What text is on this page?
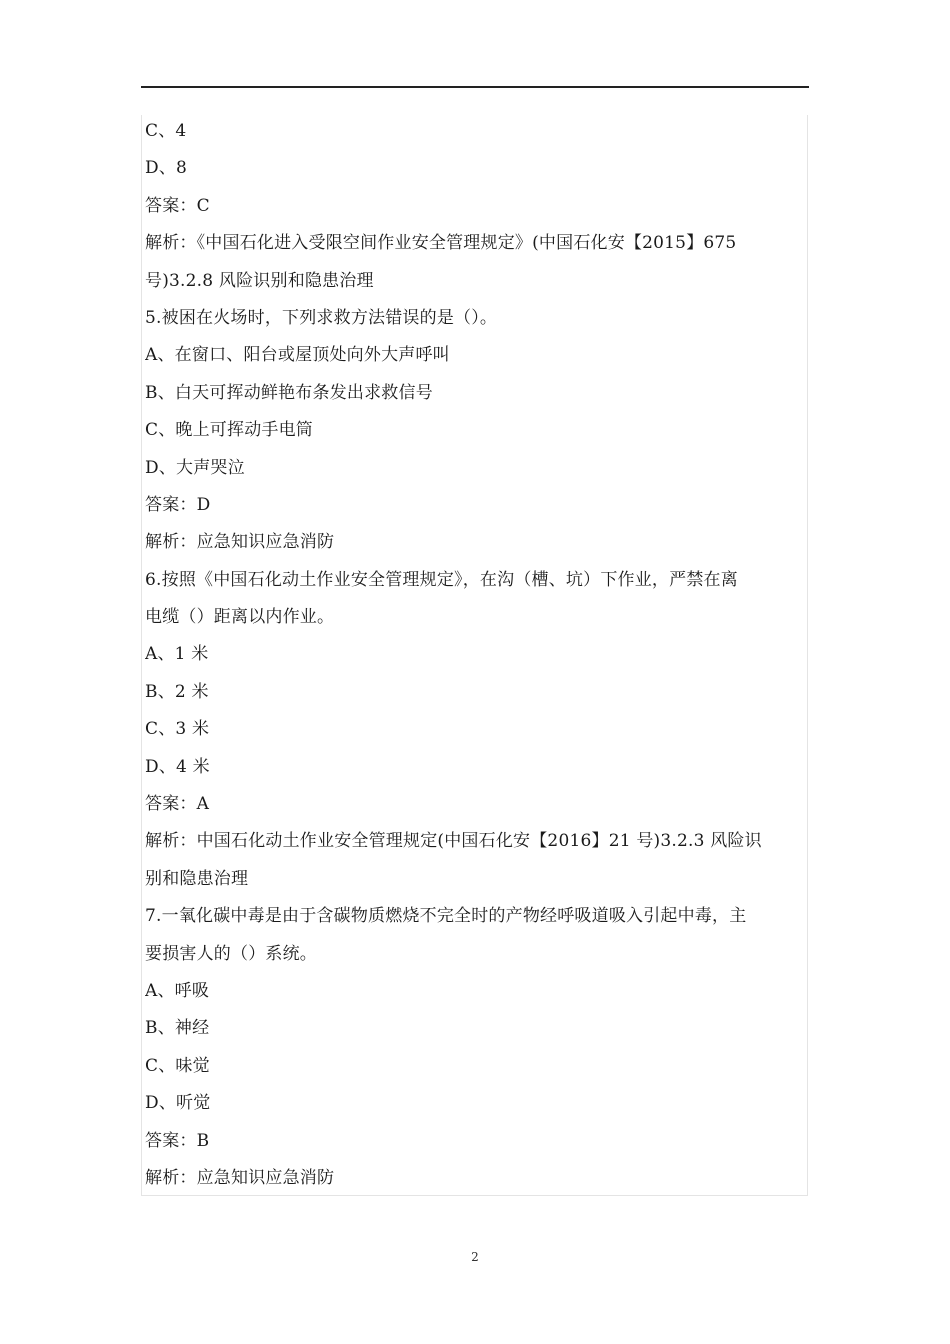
C、4
D、8
答案：C
解析：《中国石化进入受限空间作业安全管理规定》(中国石化安【2015】675
号)3.2.8 风险识别和隐患治理
5.被困在火场时，下列求救方法错误的是（）。
A、在窗口、阳台或屋顶处向外大声呼叫
B、白天可挥动鲜艳布条发出求救信号
C、晚上可挥动手电筒
D、大声哭泣
答案：D
解析：应急知识应急消防
6.按照《中国石化动土作业安全管理规定》，在沟（槽、坑）下作业，严禁在离
电缆（）距离以内作业。
A、1 米
B、2 米
C、3 米
D、4 米
答案：A
解析：中国石化动土作业安全管理规定(中国石化安【2016】21 号)3.2.3 风险识
别和隐患治理
7.一氧化碳中毒是由于含碳物质燃烧不完全时的产物经呼吸道吸入引起中毒，主
要损害人的（）系统。
A、呼吸
B、神经
C、味觉
D、听觉
答案：B
解析：应急知识应急消防
2
